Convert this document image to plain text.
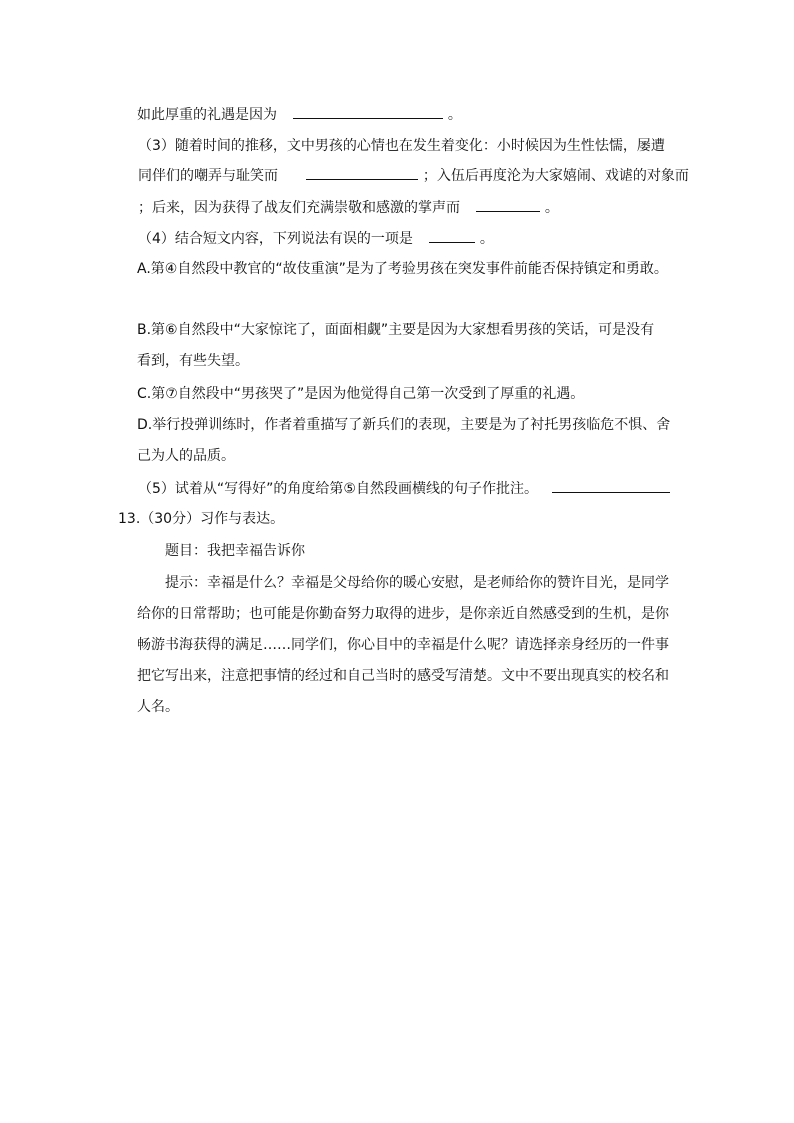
如此厚重的礼遇是因为	。
（3）随着时间的推移，文中男孩的心情也在发生着变化：小时候因为生性怯懦，屡遭
同伴们的嘲弄与耻笑而	；入伍后再度沦为大家嬉闹、戏谑的对象而
；后来，因为获得了战友们充满崇敬和感激的掌声而	。
（4）结合短文内容，下列说法有误的一项是	。
A.第④自然段中教官的“故伎重演”是为了考验男孩在突发事件前能否保持镇定和勇敢。
B.第⑥自然段中“大家惊诧了，面面相觑”主要是因为大家想看男孩的笑话，可是没有
看到，有些失望。
C.第⑦自然段中“男孩哭了”是因为他觉得自己第一次受到了厚重的礼遇。
D.举行投弹训练时，作者着重描写了新兵们的表现，主要是为了衬托男孩临危不惧、舍
己为人的品质。
（5）试着从“写得好”的角度给第⑤自然段画横线的句子作批注。
13.（30分）习作与表达。
题目：我把幸福告诉你
提示：幸福是什么？幸福是父母给你的暖心安慰，是老师给你的赞许目光，是同学
给你的日常帮助；也可能是你勤奋努力取得的进步，是你亲近自然感受到的生机，是你
畅游书海获得的满足……同学们，你心目中的幸福是什么呢？请选择亲身经历的一件事
把它写出来，注意把事情的经过和自己当时的感受写清楚。文中不要出现真实的校名和
人名。
